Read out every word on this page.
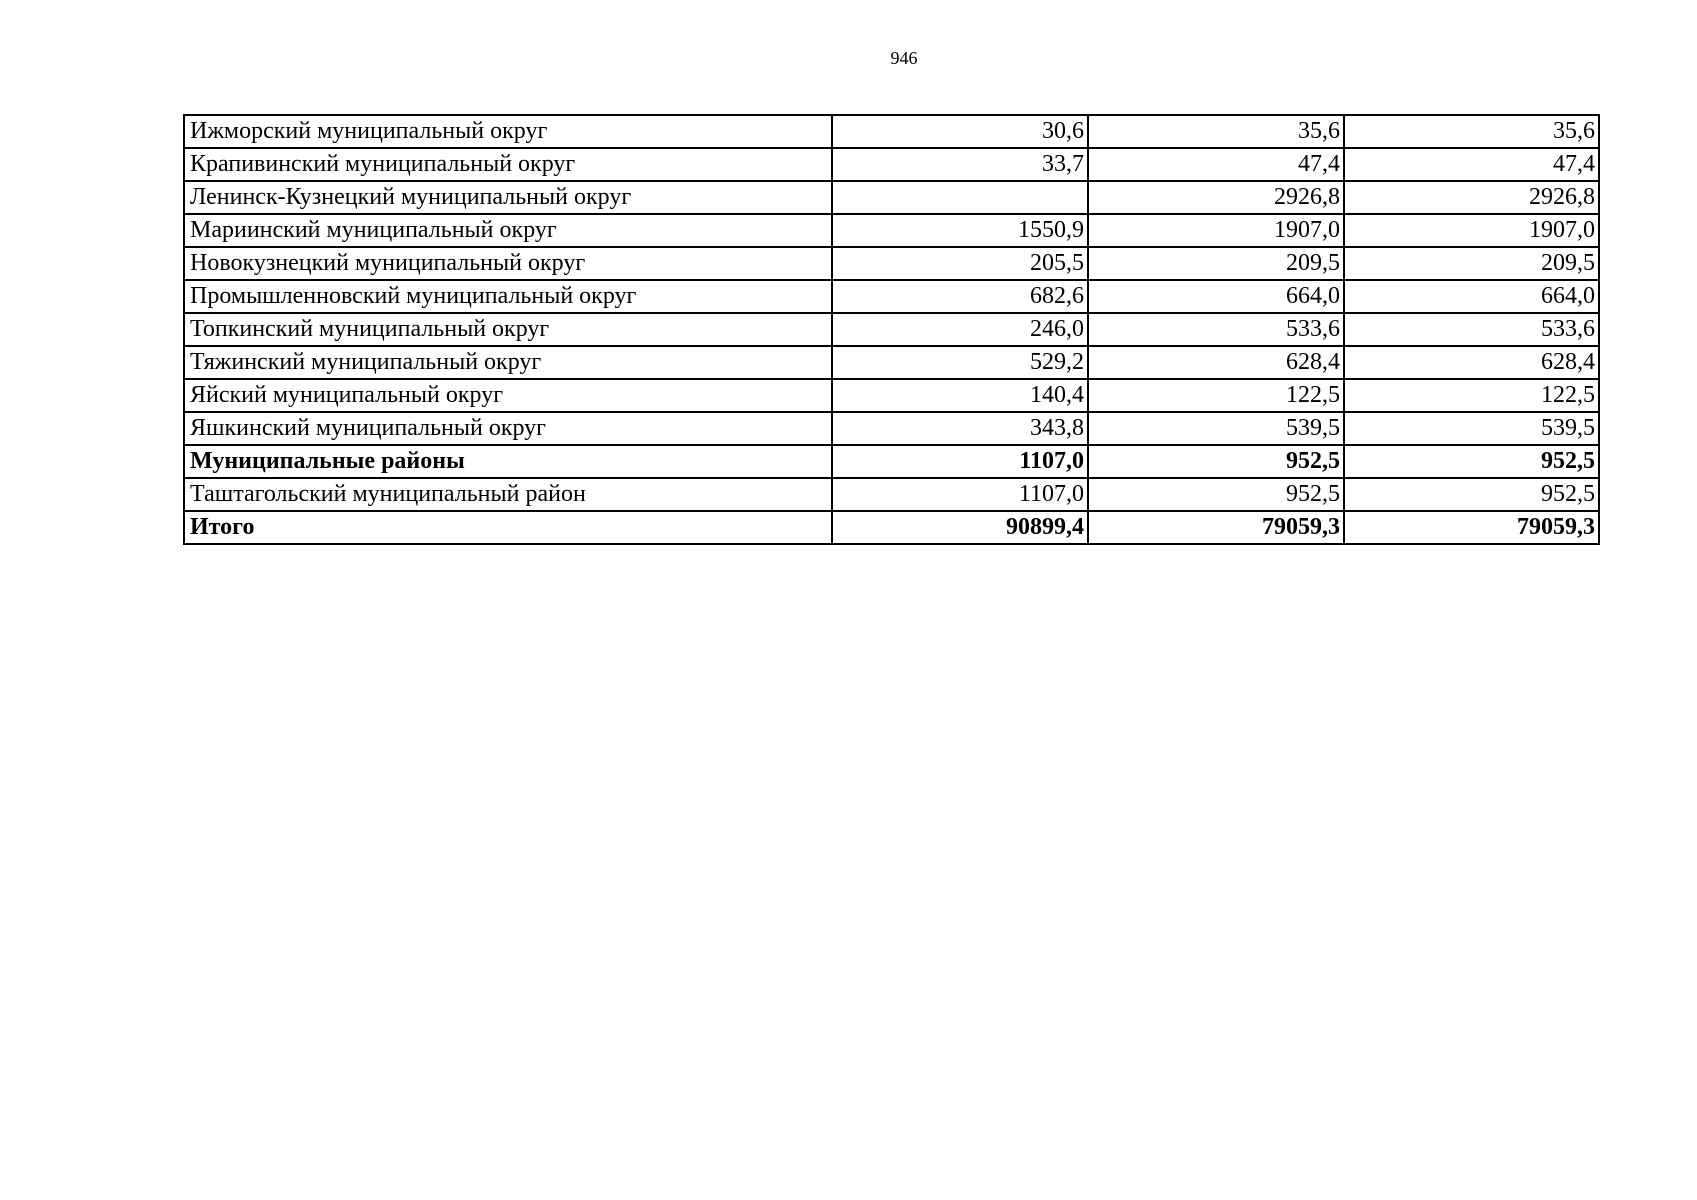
946
Ижморский муниципальный округ	30,6	35,6	35,6
Крапивинский муниципальный округ	33,7	47,4	47,4
Ленинск-Кузнецкий муниципальный округ		2926,8	2926,8
Мариинский муниципальный округ	1550,9	1907,0	1907,0
Новокузнецкий муниципальный округ	205,5	209,5	209,5
Промышленновский муниципальный округ	682,6	664,0	664,0
Топкинский муниципальный округ	246,0	533,6	533,6
Тяжинский муниципальный округ	529,2	628,4	628,4
Яйский муниципальный округ	140,4	122,5	122,5
Яшкинский муниципальный округ	343,8	539,5	539,5
Муниципальные районы	1107,0	952,5	952,5
Таштагольский муниципальный район	1107,0	952,5	952,5
Итого	90899,4	79059,3	79059,3
